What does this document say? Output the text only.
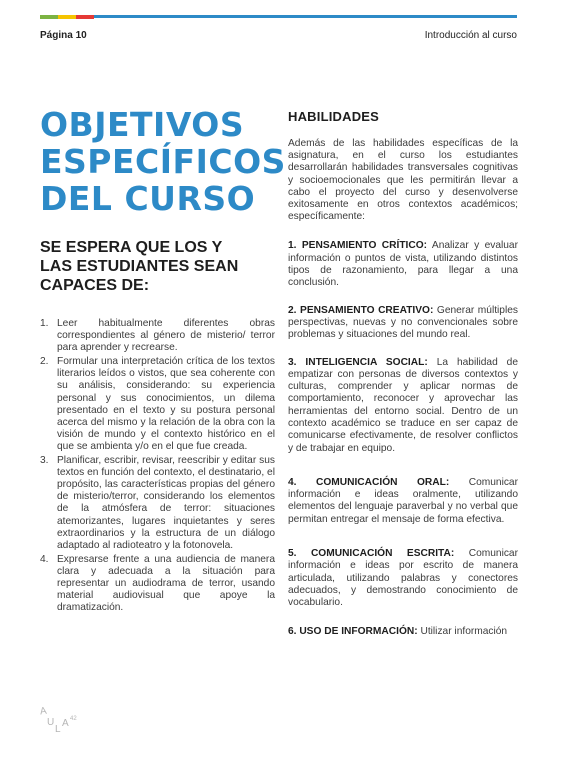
Página 10	Introducción al curso
OBJETIVOS
ESPECÍFICOS
DEL CURSO
SE ESPERA QUE LOS Y
LAS ESTUDIANTES SEAN
CAPACES DE:
1. Leer habitualmente diferentes obras correspondientes al género de misterio/ terror para aprender y recrearse.
2. Formular una interpretación crítica de los textos literarios leídos o vistos, que sea coherente con su análisis, considerando: su experiencia personal y sus conocimientos, un dilema presentado en el texto y su postura personal acerca del mismo y la relación de la obra con la visión de mundo y el contexto histórico en el que se ambienta y/o en el que fue creada.
3. Planificar, escribir, revisar, reescribir y editar sus textos en función del contexto, el destinatario, el propósito, las características propias del género de misterio/terror, considerando los elementos de la atmósfera de terror: situaciones atemorizantes, lugares inquietantes y seres extraordinarios y la estructura de un diálogo adaptado al radioteatro y la fotonovela.
4. Expresarse frente a una audiencia de manera clara y adecuada a la situación para representar un audiodrama de terror, usando material audiovisual que apoye la dramatización.
HABILIDADES
Además de las habilidades específicas de la asignatura, en el curso los estudiantes desarrollarán habilidades transversales cognitivas y socioemocionales que les permitirán llevar a cabo el proyecto del curso y desenvolverse exitosamente en otros contextos académicos; específicamente:
1. PENSAMIENTO CRÍTICO: Analizar y evaluar información o puntos de vista, utilizando distintos tipos de razonamiento, para llegar a una conclusión.
2. PENSAMIENTO CREATIVO: Generar múltiples perspectivas, nuevas y no convencionales sobre problemas y situaciones del mundo real.
3. INTELIGENCIA SOCIAL: La habilidad de empatizar con personas de diversos contextos y culturas, comprender y aplicar normas de comportamiento, reconocer y aprovechar las herramientas del entorno social. Dentro de un contexto académico se traduce en ser capaz de comunicarse efectivamente, de resolver conflictos y de trabajar en equipo.
4. COMUNICACIÓN ORAL: Comunicar información e ideas oralmente, utilizando elementos del lenguaje paraverbal y no verbal que permitan entregar el mensaje de forma efectiva.
5. COMUNICACIÓN ESCRITA: Comunicar información e ideas por escrito de manera articulada, utilizando palabras y conectores adecuados, y demostrando conocimiento de vocabulario.
6. USO DE INFORMACIÓN: Utilizar información
A
U
L
A 42
